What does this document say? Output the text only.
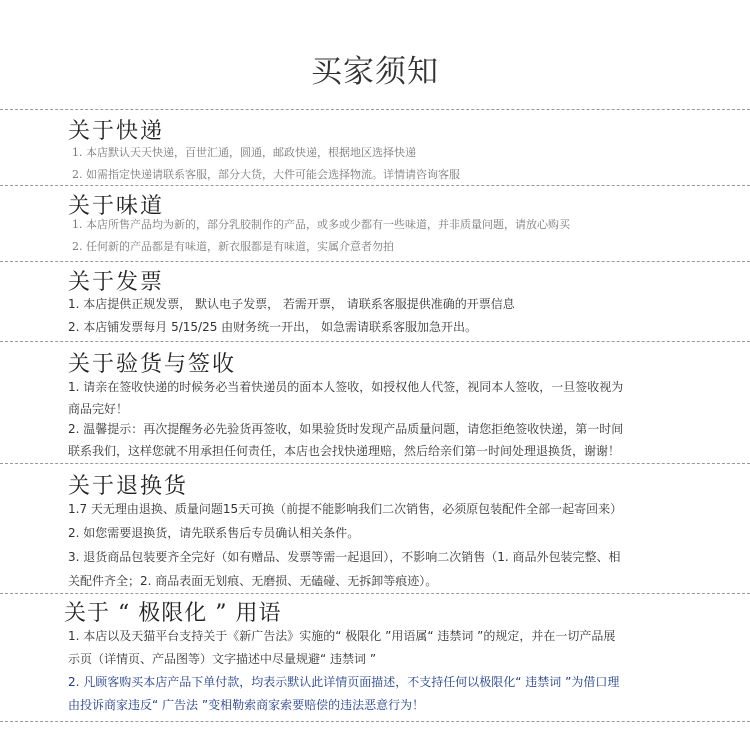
买家须知
关于快递
1. 本店默认天天快递，百世汇通，圆通，邮政快递，根据地区选择快递
2. 如需指定快递请联系客服，部分大货，大件可能会选择物流。详情请咨询客服
关于味道
1. 本店所售产品均为新的，部分乳胶制作的产品，或多或少都有一些味道，并非质量问题，请放心购买
2. 任何新的产品都是有味道，新衣服都是有味道，实属介意者勿拍
关于发票
1. 本店提供正规发票， 默认电子发票， 若需开票， 请联系客服提供准确的开票信息
2. 本店铺发票每月 5/15/25 由财务统一开出， 如急需请联系客服加急开出。
关于验货与签收
1. 请亲在签收快递的时候务必当着快递员的面本人签收，如授权他人代签，视同本人签收，一旦签收视为
商品完好！
2. 温馨提示：再次提醒务必先验货再签收，如果验货时发现产品质量问题，请您拒绝签收快递，第一时间
联系我们，这样您就不用承担任何责任，本店也会找快递理赔，然后给亲们第一时间处理退换货，谢谢！
关于退换货
1.7 天无理由退换、质量问题15天可换（前提不能影响我们二次销售，必须原包装配件全部一起寄回来）
2. 如您需要退换货，请先联系售后专员确认相关条件。
3. 退货商品包装要齐全完好（如有赠品、发票等需一起退回），不影响二次销售（1. 商品外包装完整、相
关配件齐全；2. 商品表面无划痕、无磨损、无磕碰、无拆卸等痕迹）。
关于 “ 极限化 ” 用语
1. 本店以及天猫平台支持关于《新广告法》实施的“ 极限化 ”用语属“ 违禁词 ”的规定，并在一切产品展
示页（详情页、产品图等）文字描述中尽量规避“ 违禁词 ”
2. 凡顾客购买本店产品下单付款，均表示默认此详情页面描述，不支持任何以极限化“ 违禁词 ”为借口理
由投诉商家违反“ 广告法 ”变相勒索商家索要赔偿的违法恶意行为！
